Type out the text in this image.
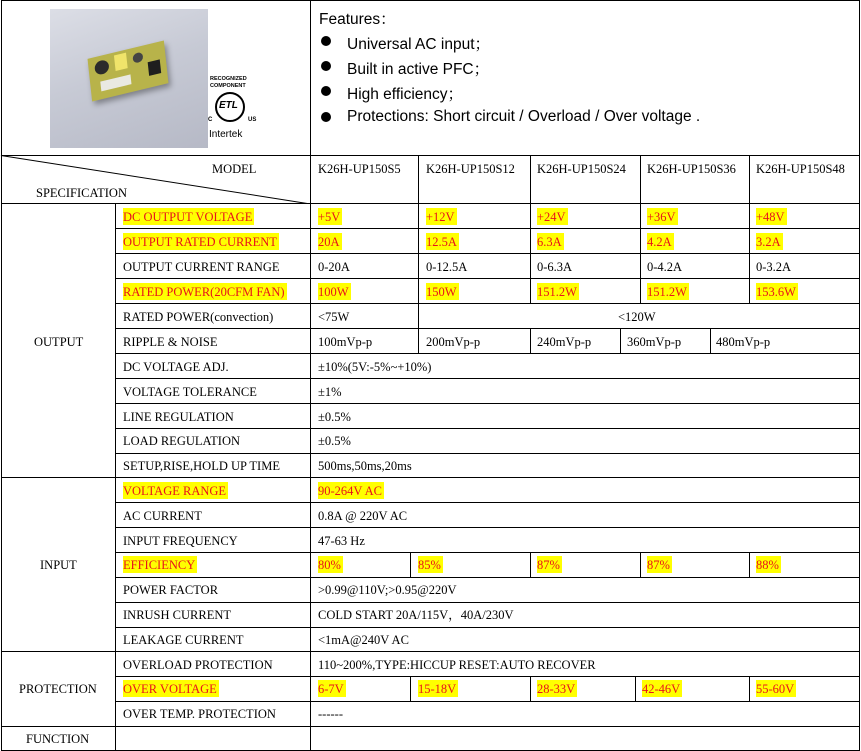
RECOGNIZED
COMPONENT
ETL
C	US
Intertek
Features：
Universal AC input；
Built in active PFC；
High efficiency；
Protections: Short circuit / Overload / Over voltage .
MODEL
SPECIFICATION
K26H-UP150S5 K26H-UP150S12 K26H-UP150S24 K26H-UP150S36 K26H-UP150S48
OUTPUT
INPUT
PROTECTION
FUNCTION
DC OUTPUT VOLTAGE	+5V	+12V	+24V	+36V	+48V
OUTPUT RATED CURRENT	20A	12.5A	6.3A	4.2A	3.2A
OUTPUT CURRENT RANGE	0-20A	0-12.5A	0-6.3A	0-4.2A	0-3.2A
RATED POWER(20CFM FAN)	100W	150W	151.2W	151.2W	153.6W
RATED POWER(convection)	<75W	<120W
RIPPLE & NOISE	100mVp-p	200mVp-p	240mVp-p	360mVp-p	480mVp-p
DC VOLTAGE ADJ.	±10%(5V:-5%~+10%)
VOLTAGE TOLERANCE	±1%
LINE REGULATION	±0.5%
LOAD REGULATION	±0.5%
SETUP,RISE,HOLD UP TIME	500ms,50ms,20ms
VOLTAGE RANGE	90-264V AC
AC CURRENT	0.8A @ 220V AC
INPUT FREQUENCY	47-63 Hz
EFFICIENCY	80%	85%	87%	87%	88%
POWER FACTOR	>0.99@110V;>0.95@220V
INRUSH CURRENT	COLD START 20A/115V，40A/230V
LEAKAGE CURRENT	<1mA@240V AC
OVERLOAD PROTECTION	110~200%,TYPE:HICCUP RESET:AUTO RECOVER
OVER VOLTAGE	6-7V	15-18V	28-33V	42-46V	55-60V
OVER TEMP. PROTECTION	------
